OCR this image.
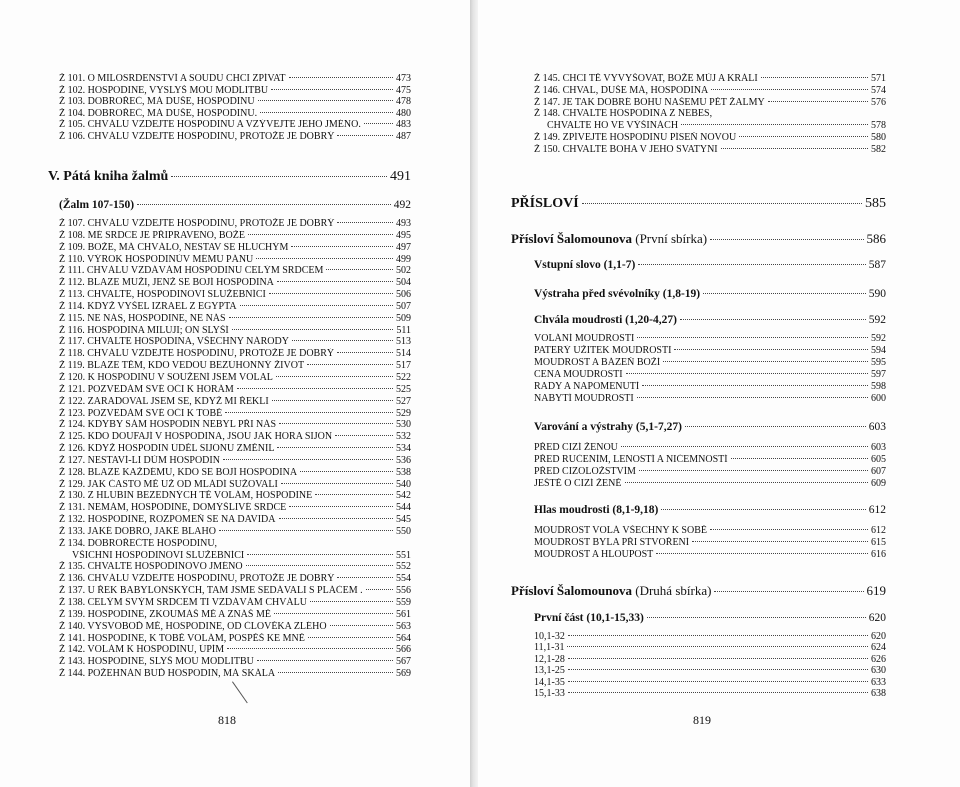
Ž 101. O MILOSRDENSTVÍ A SOUDU CHCI ZPÍVAT	473
Ž 102. HOSPODINE, VYSLYŠ MOU MODLITBU	475
Ž 103. DOBROŘEČ, MÁ DUŠE, HOSPODINU	478
Ž 104. DOBROŘEČ, MÁ DUŠE, HOSPODINU.	480
Ž 105. CHVÁLU VZDEJTE HOSPODINU A VZÝVEJTE JEHO JMÉNO.	483
Ž 106. CHVÁLU VZDEJTE HOSPODINU, PROTOŽE JE DOBRÝ	487
V. Pátá kniha žalmů	491
(Žalm 107-150)	492
Ž 107. CHVÁLU VZDEJTE HOSPODINU, PROTOŽE JE DOBRÝ	493
Ž 108. MÉ SRDCE JE PŘIPRAVENO, BOŽE	495
Ž 109. BOŽE, MÁ CHVÁLO, NESTAV SE HLUCHÝM	497
Ž 110. VÝROK HOSPODINŮV MÉMU PÁNU	499
Ž 111. CHVÁLU VZDÁVÁM HOSPODINU CELÝM SRDCEM	502
Ž 112. BLAZE MUŽI, JENŽ SE BOJÍ HOSPODINA	504
Ž 113. CHVALTE, HOSPODINOVI SLUŽEBNÍCI	506
Ž 114. KDYŽ VYŠEL IZRAEL Z EGYPTA	507
Ž 115. NE NÁS, HOSPODINE, NE NÁS	509
Ž 116. HOSPODINA MILUJI; ON SLYŠÍ	511
Ž 117. CHVALTE HOSPODINA, VŠECHNY NÁRODY	513
Ž 118. CHVÁLU VZDEJTE HOSPODINU, PROTOŽE JE DOBRÝ	514
Ž 119. BLAZE TĚM, KDO VEDOU BEZÚHONNÝ ŽIVOT	517
Ž 120. K HOSPODINU V SOUŽENÍ JSEM VOLAL	522
Ž 121. POZVEDÁM SVÉ OČI K HORÁM	525
Ž 122. ZARADOVAL JSEM SE, KDYŽ MI ŘEKLI	527
Ž 123. POZVEDÁM SVÉ OČI K TOBĚ	529
Ž 124. KDYBY SÁM HOSPODIN NEBYL PŘI NÁS	530
Ž 125. KDO DOUFAJÍ V HOSPODINA, JSOU JAK HORA SIJÓN	532
Ž 126. KDYŽ HOSPODIN ÚDĚL SIJÓNU ZMĚNIL	534
Ž 127. NESTAVÍ-LI DŮM HOSPODIN	536
Ž 128. BLAZE KAŽDÉMU, KDO SE BOJÍ HOSPODINA	538
Ž 129. JAK ČASTO MĚ UŽ OD MLÁDÍ SUŽOVALI	540
Ž 130. Z HLUBIN BEZEDNÝCH TĚ VOLÁM, HOSPODINE	542
Ž 131. NEMÁM, HOSPODINE, DOMÝŠLIVÉ SRDCE	544
Ž 132. HOSPODINE, ROZPOMEŇ SE NA DAVIDA	545
Ž 133. JAKÉ DOBRO, JAKÉ BLAHO	550
Ž 134. DOBROŘEČTE HOSPODINU,
VŠICHNI HOSPODINOVI SLUŽEBNÍCI	551
Ž 135. CHVALTE HOSPODINOVO JMÉNO	552
Ž 136. CHVÁLU VZDEJTE HOSPODINU, PROTOŽE JE DOBRÝ	554
Ž 137. U ŘEK BABYLÓNSKÝCH, TAM JSME SEDÁVALI S PLÁČEM .	556
Ž 138. CELÝM SVÝM SRDCEM TI VZDÁVÁM CHVÁLU	559
Ž 139. HOSPODINE, ZKOUMÁŠ MĚ A ZNÁŠ MĚ	561
Ž 140. VYSVOBOĎ MĚ, HOSPODINE, OD ČLOVĚKA ZLÉHO	563
Ž 141. HOSPODINE, K TOBĚ VOLÁM, POSPĚŠ KE MNĚ	564
Ž 142. VOLÁM K HOSPODINU, ÚPÍM	566
Ž 143. HOSPODINE, SLYŠ MOU MODLITBU	567
Ž 144. POŽEHNÁN BUĎ HOSPODIN, MÁ SKÁLA	569
818
Ž 145. CHCI TĚ VYVYŠOVAT, BOŽE MŮJ A KRÁLI	571
Ž 146. CHVAL, DUŠE MÁ, HOSPODINA	574
Ž 147. JE TAK DOBRÉ BOHU NAŠEMU PĚT ŽALMY	576
Ž 148. CHVALTE HOSPODINA Z NEBES,
CHVALTE HO VE VÝŠINÁCH	578
Ž 149. ZPÍVEJTE HOSPODINU PÍSEŇ NOVOU	580
Ž 150. CHVALTE BOHA V JEHO SVATYNI	582
PŘÍSLOVÍ	585
Přísloví Šalomounova (První sbírka)	586
Vstupní slovo (1,1-7)	587
Výstraha před svévolníky (1,8-19)	590
Chvála moudrosti (1,20-4,27)	592
VOLÁNÍ MOUDROSTI	592
PATERÝ UŽITEK MOUDROSTI	594
MOUDROST A BÁZEŇ BOŽÍ	595
CENA MOUDROSTI	597
RADY A NAPOMENUTÍ	598
NABYTÍ MOUDROSTI	600
Varování a výstrahy (5,1-7,27)	603
PŘED CIZÍ ŽENOU	603
PŘED RUČENÍM, LENOSTÍ A NIČEMNOSTÍ	605
PŘED CIZOLOŽSTVÍM	607
JEŠTĚ O CIZÍ ŽENĚ	609
Hlas moudrosti (8,1-9,18)	612
MOUDROST VOLÁ VŠECHNY K SOBĚ	612
MOUDROST BYLA PŘI STVOŘENÍ	615
MOUDROST A HLOUPOST	616
Přísloví Šalomounova (Druhá sbírka)	619
První část (10,1-15,33)	620
10,1-32	620
11,1-31	624
12,1-28	626
13,1-25	630
14,1-35	633
15,1-33	638
819
